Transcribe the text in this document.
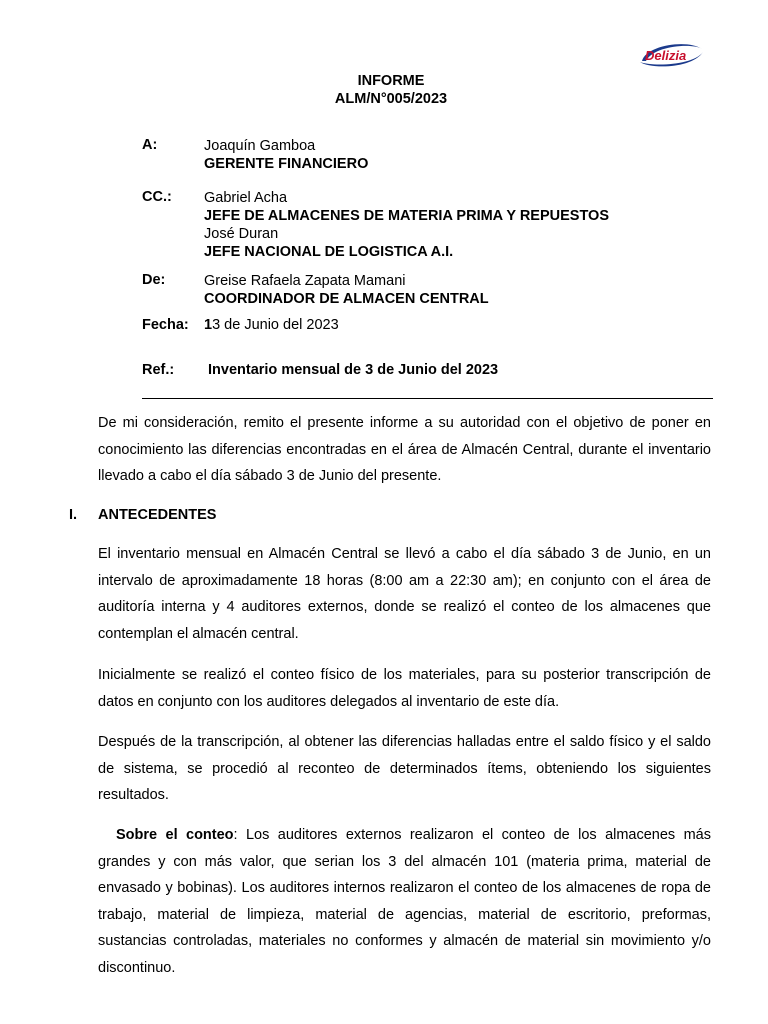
Delizia
INFORME
ALM/N°005/2023
A:	Joaquín Gamboa
GERENTE FINANCIERO
CC.: Gabriel Acha
JEFE DE ALMACENES DE MATERIA PRIMA Y REPUESTOS
José Duran
JEFE NACIONAL DE LOGISTICA A.I.
De:	Greise Rafaela Zapata Mamani
COORDINADOR DE ALMACEN CENTRAL
Fecha: 13 de Junio del 2023
Ref.: Inventario mensual de 3 de Junio del 2023
De mi consideración, remito el presente informe a su autoridad con el objetivo de poner en conocimiento las diferencias encontradas en el área de Almacén Central, durante el inventario llevado a cabo el día sábado 3 de Junio del presente.
I. ANTECEDENTES
El inventario mensual en Almacén Central se llevó a cabo el día sábado 3 de Junio, en un intervalo de aproximadamente 18 horas (8:00 am a 22:30 am); en conjunto con el área de auditoría interna y 4 auditores externos, donde se realizó el conteo de los almacenes que contemplan el almacén central.
Inicialmente se realizó el conteo físico de los materiales, para su posterior transcripción de datos en conjunto con los auditores delegados al inventario de este día.
Después de la transcripción, al obtener las diferencias halladas entre el saldo físico y el saldo de sistema, se procedió al reconteo de determinados ítems, obteniendo los siguientes resultados.
Sobre el conteo: Los auditores externos realizaron el conteo de los almacenes más grandes y con más valor, que serian los 3 del almacén 101 (materia prima, material de envasado y bobinas). Los auditores internos realizaron el conteo de los almacenes de ropa de trabajo, material de limpieza, material de agencias, material de escritorio, preformas, sustancias controladas, materiales no conformes y almacén de material sin movimiento y/o discontinuo.
